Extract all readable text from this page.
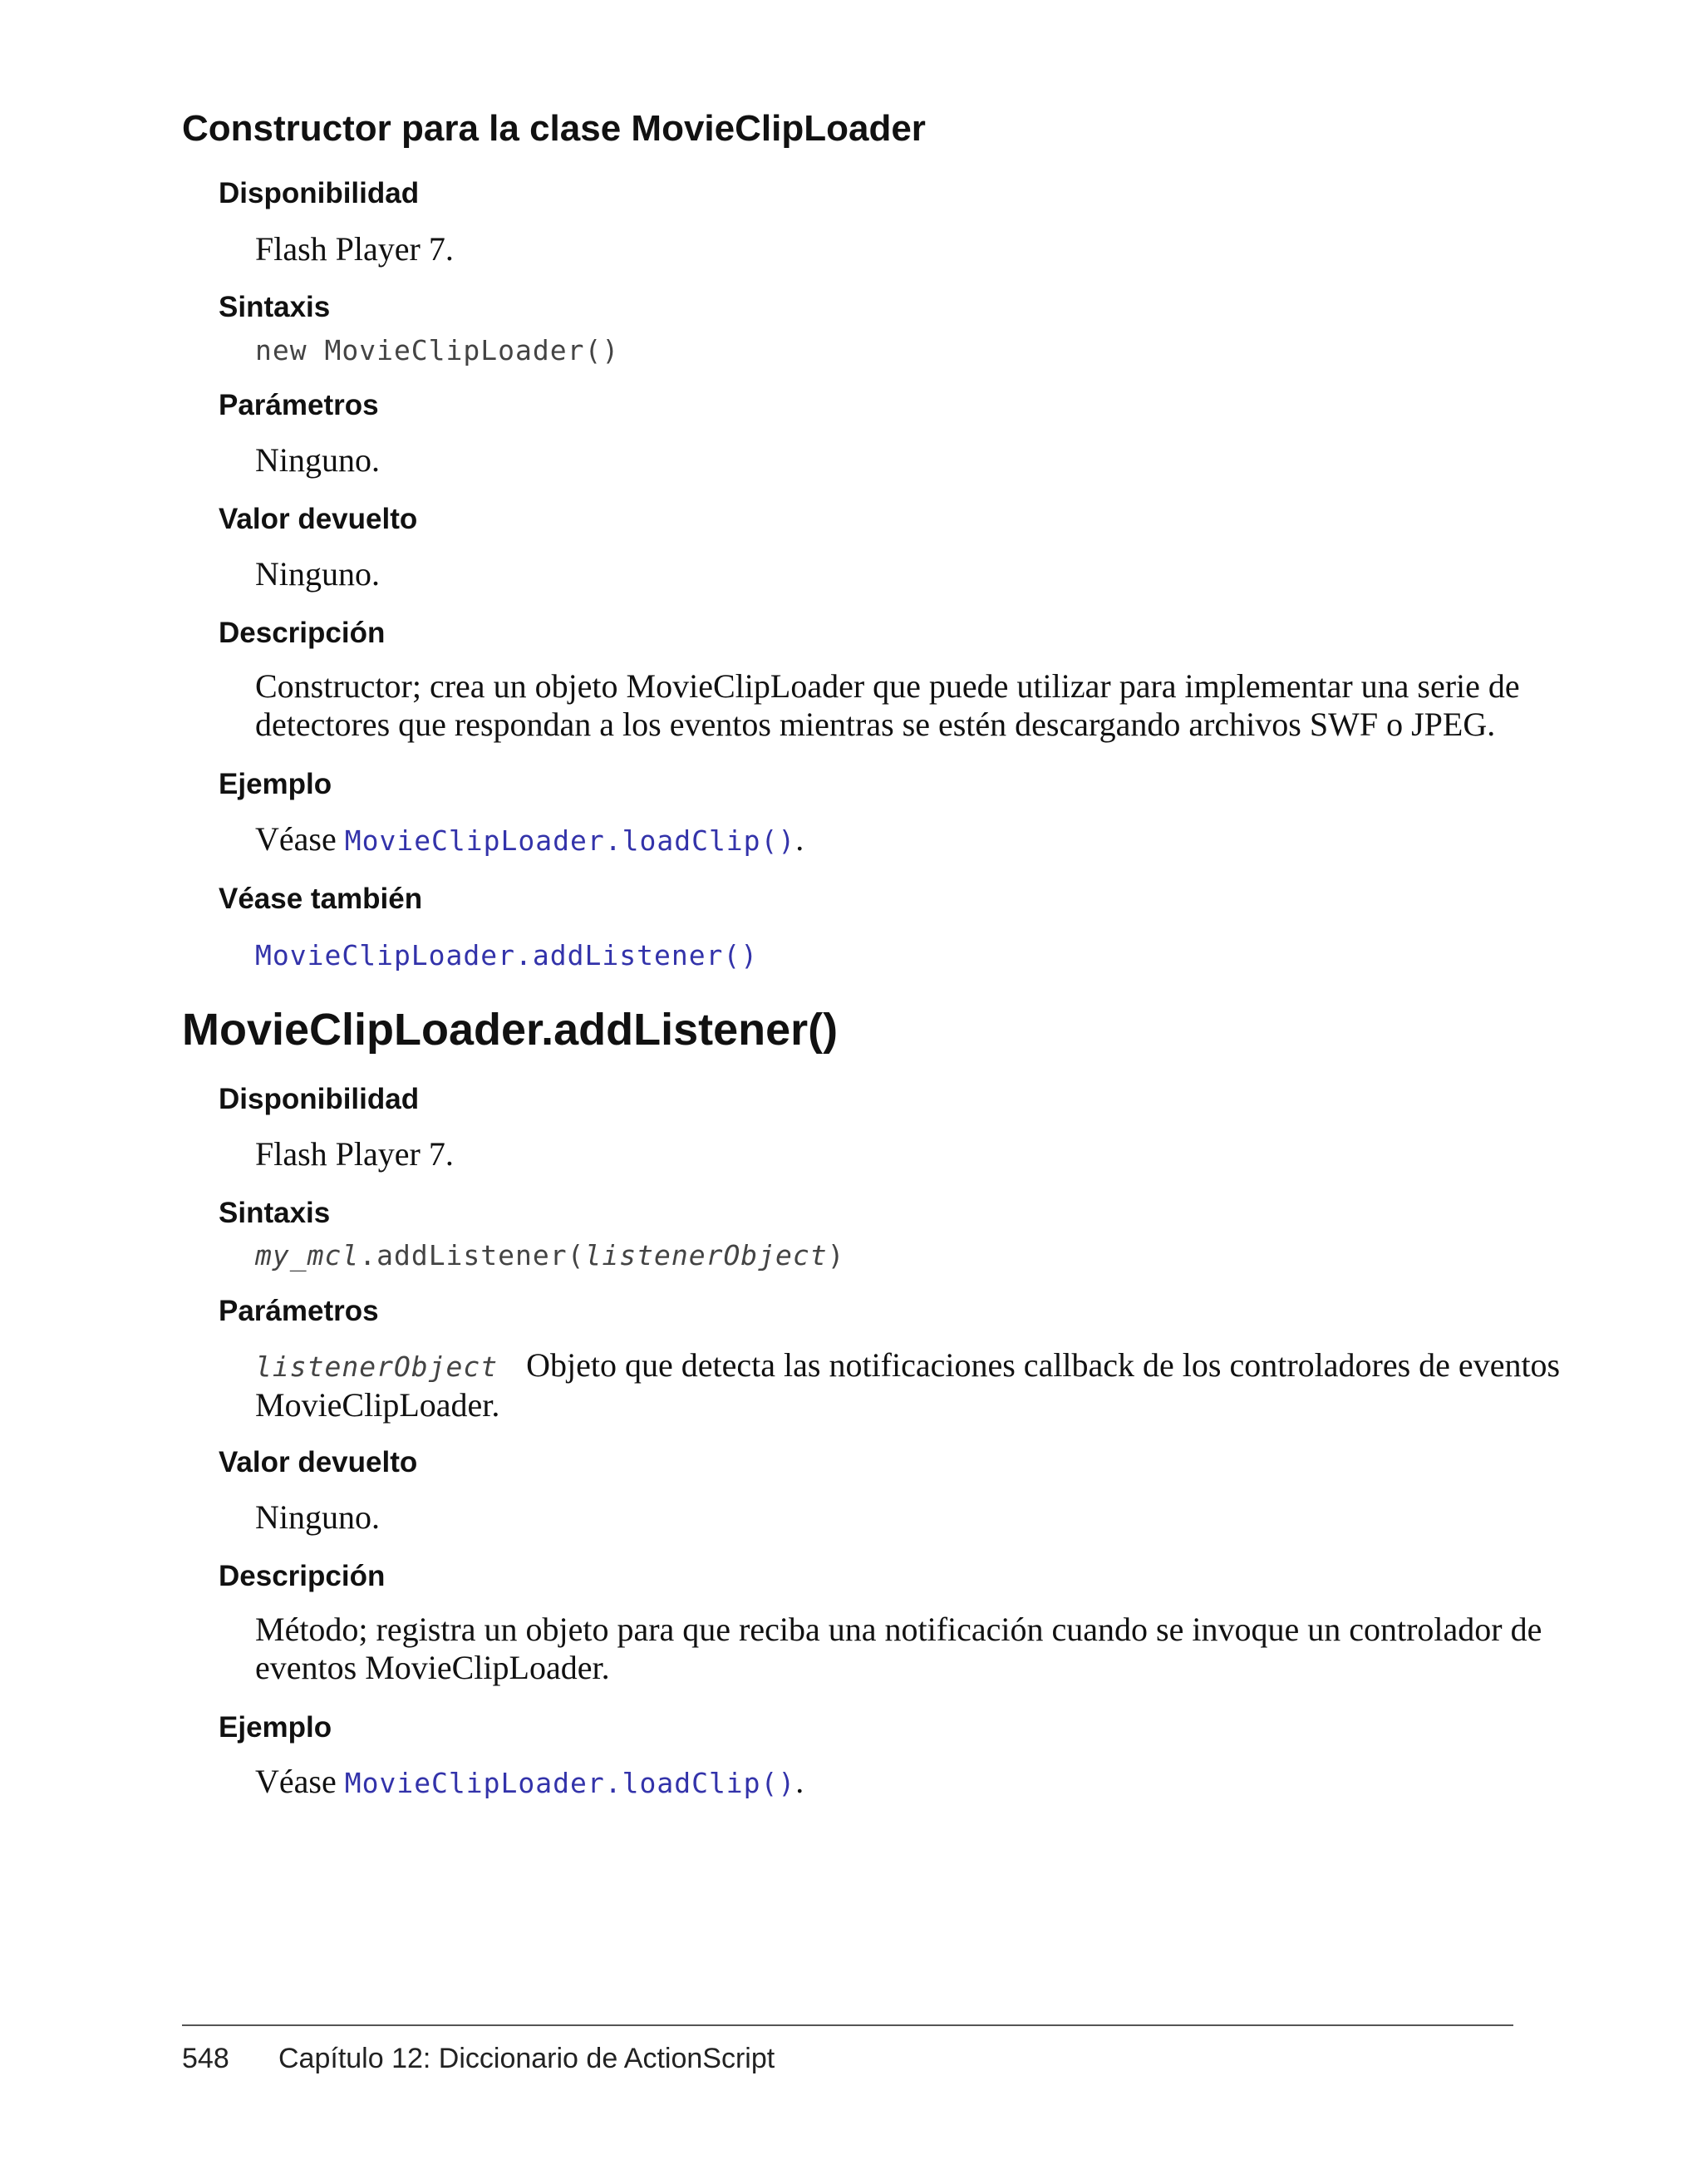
Constructor para la clase MovieClipLoader
Disponibilidad
Flash Player 7.
Sintaxis
new MovieClipLoader()
Parámetros
Ninguno.
Valor devuelto
Ninguno.
Descripción
Constructor; crea un objeto MovieClipLoader que puede utilizar para implementar una serie de detectores que respondan a los eventos mientras se estén descargando archivos SWF o JPEG.
Ejemplo
Véase MovieClipLoader.loadClip().
Véase también
MovieClipLoader.addListener()
MovieClipLoader.addListener()
Disponibilidad
Flash Player 7.
Sintaxis
my_mcl.addListener(listenerObject)
Parámetros
listenerObject Objeto que detecta las notificaciones callback de los controladores de eventos MovieClipLoader.
Valor devuelto
Ninguno.
Descripción
Método; registra un objeto para que reciba una notificación cuando se invoque un controlador de eventos MovieClipLoader.
Ejemplo
Véase MovieClipLoader.loadClip().
548 Capítulo 12: Diccionario de ActionScript
